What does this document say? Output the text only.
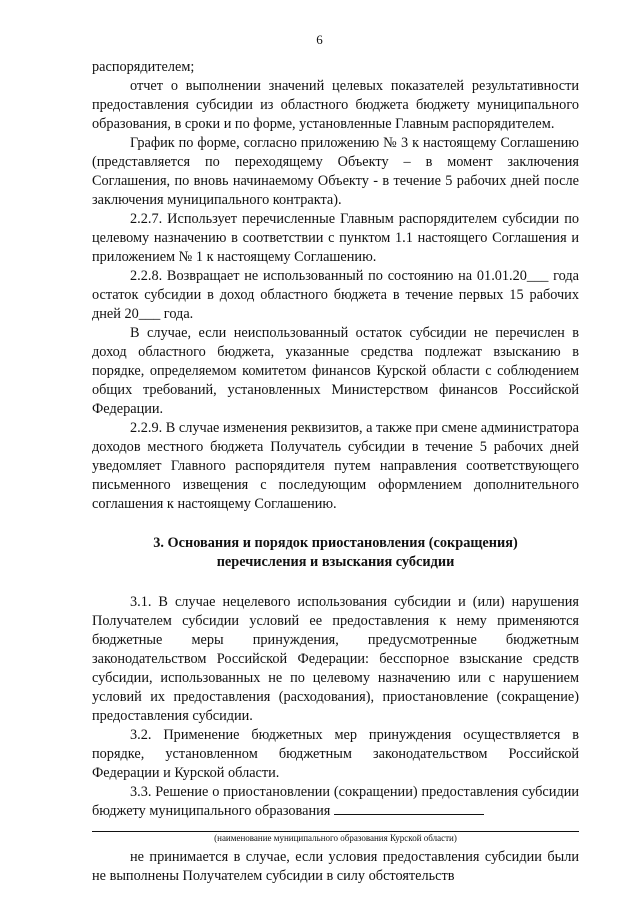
6

распорядителем;

отчет о выполнении значений целевых показателей результативности предоставления субсидии из областного бюджета бюджету муниципального образования, в сроки и по форме, установленные Главным распорядителем.

График по форме, согласно приложению № 3 к настоящему Соглашению (представляется по переходящему Объекту – в момент заключения Соглашения, по вновь начинаемому Объекту - в течение 5 рабочих дней после заключения муниципального контракта).

2.2.7. Использует перечисленные Главным распорядителем субсидии по целевому назначению в соответствии с пунктом 1.1 настоящего Соглашения и приложением № 1 к настоящему Соглашению.

2.2.8. Возвращает не использованный по состоянию на 01.01.20___ года остаток субсидии в доход областного бюджета в течение первых 15 рабочих дней 20___ года.

В случае, если неиспользованный остаток субсидии не перечислен в доход областного бюджета, указанные средства подлежат взысканию в порядке, определяемом комитетом финансов Курской области с соблюдением общих требований, установленных Министерством финансов Российской Федерации.

2.2.9. В случае изменения реквизитов, а также при смене администратора доходов местного бюджета Получатель субсидии в течение 5 рабочих дней уведомляет Главного распорядителя путем направления соответствующего письменного извещения с последующим оформлением дополнительного соглашения к настоящему Соглашению.

3. Основания и порядок приостановления (сокращения)
перечисления и взыскания субсидии

3.1. В случае нецелевого использования субсидии и (или) нарушения Получателем субсидии условий ее предоставления к нему применяются бюджетные меры принуждения, предусмотренные бюджетным законодательством Российской Федерации: бесспорное взыскание средств субсидии, использованных не по целевому назначению или с нарушением условий их предоставления (расходования), приостановление (сокращение) предоставления субсидии.

3.2. Применение бюджетных мер принуждения осуществляется в порядке, установленном бюджетным законодательством Российской Федерации и Курской области.

3.3. Решение о приостановлении (сокращении) предоставления субсидии бюджету муниципального образования

(наименование муниципального образования Курской области)

не принимается в случае, если условия предоставления субсидии были не выполнены Получателем субсидии в силу обстоятельств
